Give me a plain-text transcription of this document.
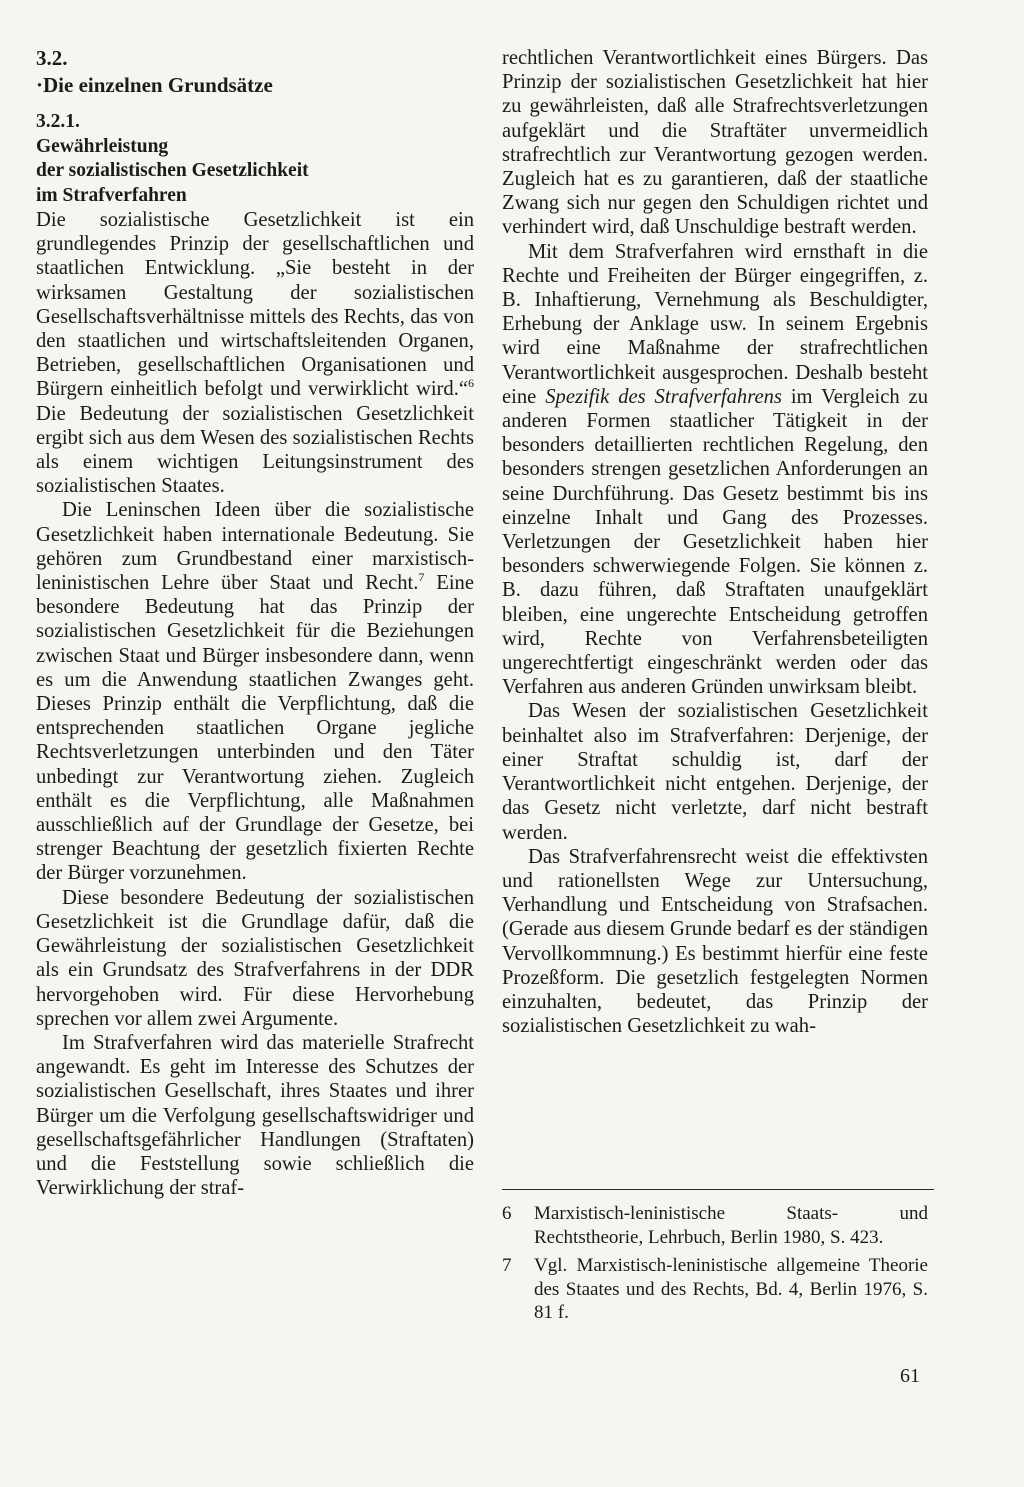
3.2.
·Die einzelnen Grundsätze
3.2.1.
Gewährleistung
der sozialistischen Gesetzlichkeit
im Strafverfahren

Die sozialistische Gesetzlichkeit ist ein grundlegendes Prinzip der gesellschaftlichen und staatlichen Entwicklung. „Sie besteht in der wirksamen Gestaltung der sozialistischen Gesellschaftsverhältnisse mittels des Rechts, das von den staatlichen und wirtschaftsleitenden Organen, Betrieben, gesellschaftlichen Organisationen und Bürgern einheitlich befolgt und verwirklicht wird.“$^6$ Die Bedeutung der sozialistischen Gesetzlichkeit ergibt sich aus dem Wesen des sozialistischen Rechts als einem wichtigen Leitungsinstrument des sozialistischen Staates.

Die Leninschen Ideen über die sozialistische Gesetzlichkeit haben internationale Bedeutung. Sie gehören zum Grundbestand einer marxistisch-leninistischen Lehre über Staat und Recht.$^7$ Eine besondere Bedeutung hat das Prinzip der sozialistischen Gesetzlichkeit für die Beziehungen zwischen Staat und Bürger insbesondere dann, wenn es um die Anwendung staatlichen Zwanges geht. Dieses Prinzip enthält die Verpflichtung, daß die entsprechenden staatlichen Organe jegliche Rechtsverletzungen unterbinden und den Täter unbedingt zur Verantwortung ziehen. Zugleich enthält es die Verpflichtung, alle Maßnahmen ausschließlich auf der Grundlage der Gesetze, bei strenger Beachtung der gesetzlich fixierten Rechte der Bürger vorzunehmen.

Diese besondere Bedeutung der sozialistischen Gesetzlichkeit ist die Grundlage dafür, daß die Gewährleistung der sozialistischen Gesetzlichkeit als ein Grundsatz des Strafverfahrens in der DDR hervorgehoben wird. Für diese Hervorhebung sprechen vor allem zwei Argumente.

Im Strafverfahren wird das materielle Strafrecht angewandt. Es geht im Interesse des Schutzes der sozialistischen Gesellschaft, ihres Staates und ihrer Bürger um die Verfolgung gesellschaftswidriger und gesellschaftsgefährlicher Handlungen (Straftaten) und die Feststellung sowie schließlich die Verwirklichung der straf-

rechtlichen Verantwortlichkeit eines Bürgers. Das Prinzip der sozialistischen Gesetzlichkeit hat hier zu gewährleisten, daß alle Strafrechtsverletzungen aufgeklärt und die Straftäter unvermeidlich strafrechtlich zur Verantwortung gezogen werden. Zugleich hat es zu garantieren, daß der staatliche Zwang sich nur gegen den Schuldigen richtet und verhindert wird, daß Unschuldige bestraft werden.

Mit dem Strafverfahren wird ernsthaft in die Rechte und Freiheiten der Bürger eingegriffen, z. B. Inhaftierung, Vernehmung als Beschuldigter, Erhebung der Anklage usw. In seinem Ergebnis wird eine Maßnahme der strafrechtlichen Verantwortlichkeit ausgesprochen. Deshalb besteht eine Spezifik des Strafverfahrens im Vergleich zu anderen Formen staatlicher Tätigkeit in der besonders detaillierten rechtlichen Regelung, den besonders strengen gesetzlichen Anforderungen an seine Durchführung. Das Gesetz bestimmt bis ins einzelne Inhalt und Gang des Prozesses. Verletzungen der Gesetzlichkeit haben hier besonders schwerwiegende Folgen. Sie können z. B. dazu führen, daß Straftaten unaufgeklärt bleiben, eine ungerechte Entscheidung getroffen wird, Rechte von Verfahrensbeteiligten ungerechtfertigt eingeschränkt werden oder das Verfahren aus anderen Gründen unwirksam bleibt.

Das Wesen der sozialistischen Gesetzlichkeit beinhaltet also im Strafverfahren: Derjenige, der einer Straftat schuldig ist, darf der Verantwortlichkeit nicht entgehen. Derjenige, der das Gesetz nicht verletzte, darf nicht bestraft werden.

Das Strafverfahrensrecht weist die effektivsten und rationellsten Wege zur Untersuchung, Verhandlung und Entscheidung von Strafsachen. (Gerade aus diesem Grunde bedarf es der ständigen Vervollkommnung.) Es bestimmt hierfür eine feste Prozeßform. Die gesetzlich festgelegten Normen einzuhalten, bedeutet, das Prinzip der sozialistischen Gesetzlichkeit zu wah-

6	Marxistisch-leninistische Staats- und Rechtstheorie, Lehrbuch, Berlin 1980, S. 423.
7	Vgl. Marxistisch-leninistische allgemeine Theorie des Staates und des Rechts, Bd. 4, Berlin 1976, S. 81 f.
61
